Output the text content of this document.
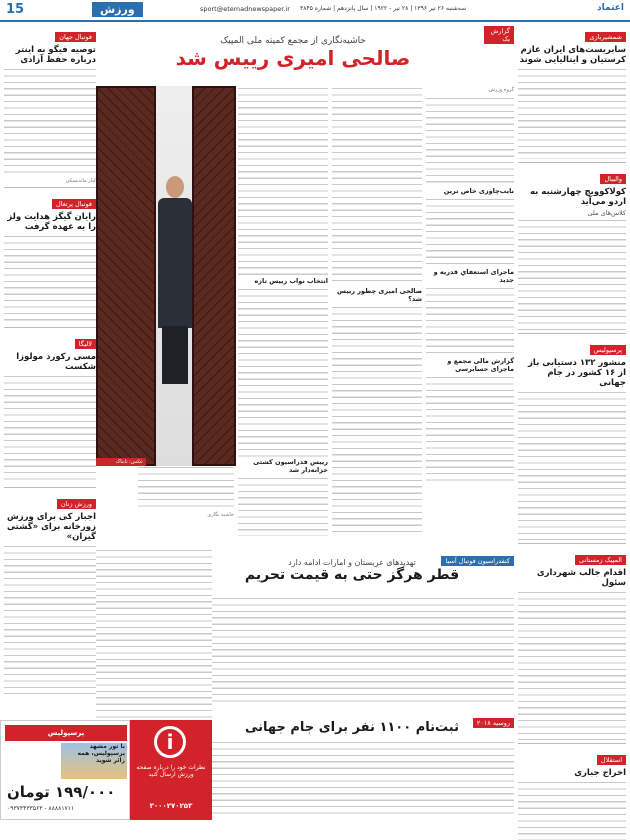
15	ورزش	sport@etemadnewspaper.ir سه‌شنبه ۲۶ تیر ۱۳۹۶ | ۲۸ تیر - ۱۹۲۲ | سال پانزدهم | شماره ۳۸۴۵	اعتماد
شمشیربازی
سابریست‌های ایران عازم کرستیان و ایتالیایی شوند
والیبال
کولاکوویچ چهارشنبه به اردو می‌آید
کلاس‌های ملی
پرسپولیس
منشور ۱۳۲ دستیابی باز از ۱۶ کشور در جام جهانی
المپیک زمستانی
اقدام جالب شهرداری سئول
استقلال
اخراج جباری
گزارش یک
حاشیه‌نگاری از مجمع کمیته ملی المپیک
صالحی امیری رییس شد
گروه ورزش
نایب‌چاوزی خاص ترین
ماجرای استعفایِ قدریه و جدید
گزارش مالی مجمع و ماجرای حسابرسی
صالحی امیری چطور رییس شد؟
انتخاب نواب رییس تازه
رییس فدراسیون کشتی خزانه‌دار شد
حاشیه نگاری
عکس: تابناک
کنفدراسیون فوتبال آسیا
تهدیدهای عربستان و امارات ادامه دارد
قطر هرگز حتی به قیمت تحریم
روسیه ۲۰۱۸
ثبت‌نام ۱۱۰۰ نفر برای جام جهانی
فوتبال جهان
توصیه فیگو به اینتر درباره حفظ آزادی
کنار ماندبسکی
فوتبال پرتغال
رایان گیگز هدایت ولز را به عهده گرفت
لالیگا
مسی رکورد مولوزا شکست
ورزش زنان
اجبار کی برای ورزش زورخانه برای «گشتی گیران»
پرسپولیس
با تور مشهد پرسپولیس، همه زائر شوید
۱۹۹/۰۰۰ تومان
۰۹۳۷۳۴۳۳۵۶۳ - ۸۸۸۸۱۷۱۱
i
نظرات خود را درباره صفحه ورزش ارسال کنید
۳۰۰۰۲۷۰۲۵۳
